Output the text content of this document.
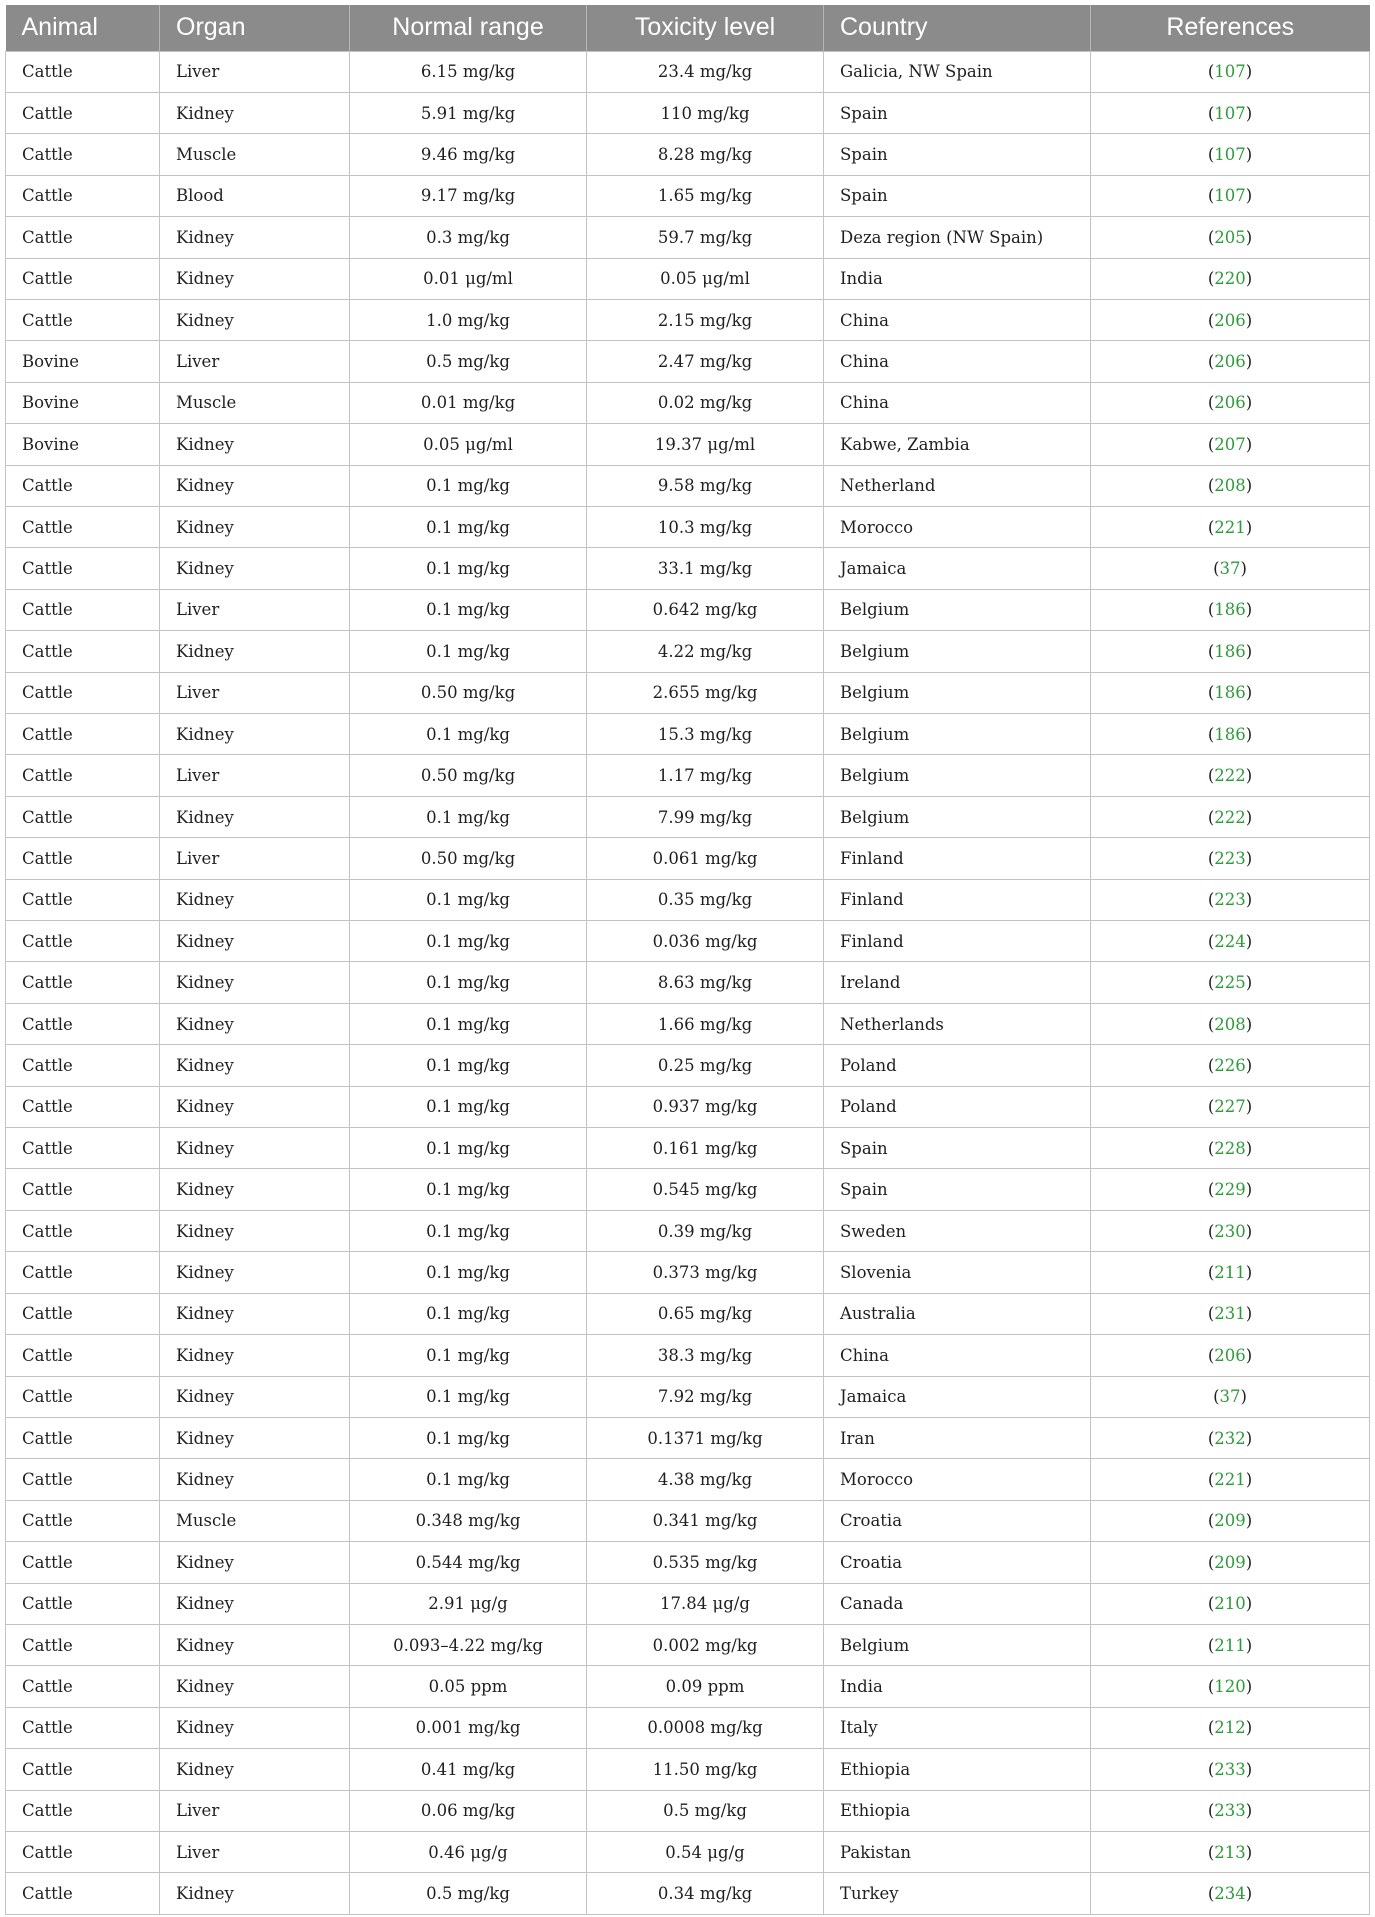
Animal	Organ	Normal range	Toxicity level	Country	References
Cattle	Liver	6.15 mg/kg	23.4 mg/kg	Galicia, NW Spain	(107)
Cattle	Kidney	5.91 mg/kg	110 mg/kg	Spain	(107)
Cattle	Muscle	9.46 mg/kg	8.28 mg/kg	Spain	(107)
Cattle	Blood	9.17 mg/kg	1.65 mg/kg	Spain	(107)
Cattle	Kidney	0.3 mg/kg	59.7 mg/kg	Deza region (NW Spain)	(205)
Cattle	Kidney	0.01 μg/ml	0.05 μg/ml	India	(220)
Cattle	Kidney	1.0 mg/kg	2.15 mg/kg	China	(206)
Bovine	Liver	0.5 mg/kg	2.47 mg/kg	China	(206)
Bovine	Muscle	0.01 mg/kg	0.02 mg/kg	China	(206)
Bovine	Kidney	0.05 μg/ml	19.37 μg/ml	Kabwe, Zambia	(207)
Cattle	Kidney	0.1 mg/kg	9.58 mg/kg	Netherland	(208)
Cattle	Kidney	0.1 mg/kg	10.3 mg/kg	Morocco	(221)
Cattle	Kidney	0.1 mg/kg	33.1 mg/kg	Jamaica	(37)
Cattle	Liver	0.1 mg/kg	0.642 mg/kg	Belgium	(186)
Cattle	Kidney	0.1 mg/kg	4.22 mg/kg	Belgium	(186)
Cattle	Liver	0.50 mg/kg	2.655 mg/kg	Belgium	(186)
Cattle	Kidney	0.1 mg/kg	15.3 mg/kg	Belgium	(186)
Cattle	Liver	0.50 mg/kg	1.17 mg/kg	Belgium	(222)
Cattle	Kidney	0.1 mg/kg	7.99 mg/kg	Belgium	(222)
Cattle	Liver	0.50 mg/kg	0.061 mg/kg	Finland	(223)
Cattle	Kidney	0.1 mg/kg	0.35 mg/kg	Finland	(223)
Cattle	Kidney	0.1 mg/kg	0.036 mg/kg	Finland	(224)
Cattle	Kidney	0.1 mg/kg	8.63 mg/kg	Ireland	(225)
Cattle	Kidney	0.1 mg/kg	1.66 mg/kg	Netherlands	(208)
Cattle	Kidney	0.1 mg/kg	0.25 mg/kg	Poland	(226)
Cattle	Kidney	0.1 mg/kg	0.937 mg/kg	Poland	(227)
Cattle	Kidney	0.1 mg/kg	0.161 mg/kg	Spain	(228)
Cattle	Kidney	0.1 mg/kg	0.545 mg/kg	Spain	(229)
Cattle	Kidney	0.1 mg/kg	0.39 mg/kg	Sweden	(230)
Cattle	Kidney	0.1 mg/kg	0.373 mg/kg	Slovenia	(211)
Cattle	Kidney	0.1 mg/kg	0.65 mg/kg	Australia	(231)
Cattle	Kidney	0.1 mg/kg	38.3 mg/kg	China	(206)
Cattle	Kidney	0.1 mg/kg	7.92 mg/kg	Jamaica	(37)
Cattle	Kidney	0.1 mg/kg	0.1371 mg/kg	Iran	(232)
Cattle	Kidney	0.1 mg/kg	4.38 mg/kg	Morocco	(221)
Cattle	Muscle	0.348 mg/kg	0.341 mg/kg	Croatia	(209)
Cattle	Kidney	0.544 mg/kg	0.535 mg/kg	Croatia	(209)
Cattle	Kidney	2.91 μg/g	17.84 μg/g	Canada	(210)
Cattle	Kidney	0.093–4.22 mg/kg	0.002 mg/kg	Belgium	(211)
Cattle	Kidney	0.05 ppm	0.09 ppm	India	(120)
Cattle	Kidney	0.001 mg/kg	0.0008 mg/kg	Italy	(212)
Cattle	Kidney	0.41 mg/kg	11.50 mg/kg	Ethiopia	(233)
Cattle	Liver	0.06 mg/kg	0.5 mg/kg	Ethiopia	(233)
Cattle	Liver	0.46 μg/g	0.54 μg/g	Pakistan	(213)
Cattle	Kidney	0.5 mg/kg	0.34 mg/kg	Turkey	(234)
